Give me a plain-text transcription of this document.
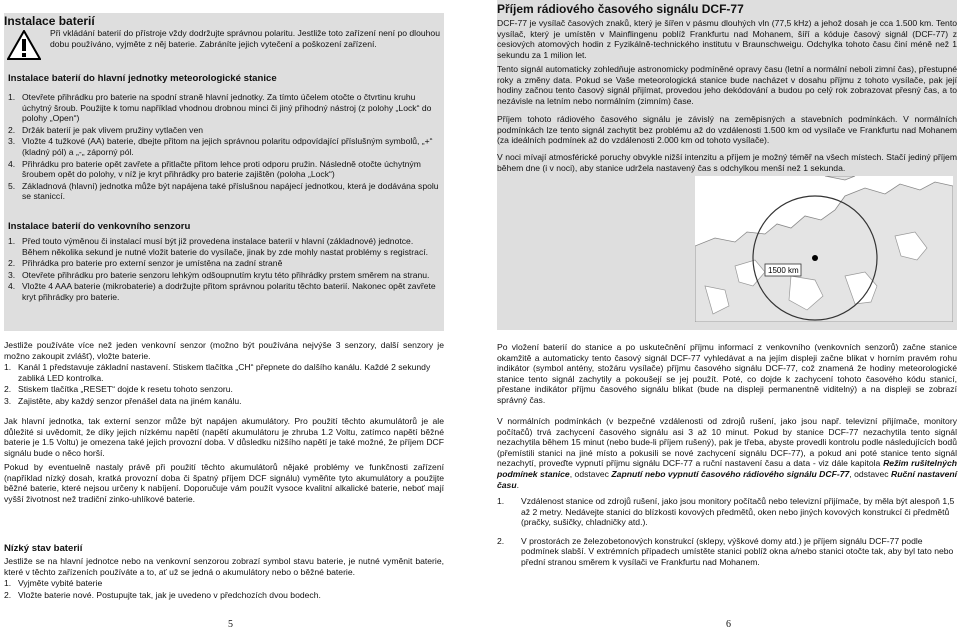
Instalace baterií

Při vkládání baterií do přístroje vždy dodržujte správnou polaritu. Jestliže toto zařízení není po dlouhou dobu používáno, vyjměte z něj baterie. Zabráníte jejich vytečení a poškození zařízení.

Instalace baterií do hlavní jednotky meteorologické stanice
1. Otevřete přihrádku pro baterie na spodní straně hlavní jednotky. Za tímto účelem otočte o čtvrtinu kruhu úchytný šroub. Použijte k tomu například vhodnou drobnou minci či jiný přihodný nástroj (z polohy „Lock“ do polohy „Open“)
2. Držák baterií je pak vlivem pružiny vytlačen ven
3. Vložte 4 tužkové (AA) baterie, dbejte přitom na jejich správnou polaritu odpovídající příslušným symbolů, „+“ (kladný pól) a „-„ záporný pól.
4. Přihrádku pro baterie opět zavřete a přitlačte přitom lehce proti odporu pružin. Následně otočte úchytným šroubem opět do polohy, v níž je kryt přihrádky pro baterie zajištěn (poloha „Lock“)
5. Základnová (hlavní) jednotka může být napájena také příslušnou napájecí jednotkou, která je dodávána spolu se staniccí.
Instalace baterií do venkovního senzoru
1. Před touto výměnou či instalací musí být již provedena instalace baterií v hlavní (základnové) jednotce. Během několika sekund je nutné vložit baterie do vysílače, jinak by zde mohly nastat problémy s registrací.
2. Přihrádka pro baterie pro externí senzor je umístěna na zadní straně
3. Otevřete přihrádku pro baterie senzoru lehkým odšoupnutím krytu této přihrádky prstem směrem na stranu.
4. Vložte 4 AAA baterie (mikrobaterie) a dodržujte přitom správnou polaritu těchto baterií. Nakonec opět zavřete kryt přihrádky pro baterie.

Jestliže používáte více než jeden venkovní senzor (možno být používána nejvýše 3 senzory, další senzory je možno zakoupit zvlášť), vložte baterie.

1. Kanál 1 představuje základní nastavení. Stiskem tlačítka „CH“ přepnete do dalšího kanálu. Každé 2 sekundy zabliká LED kontrolka.
2. Stiskem tlačítka „RESET“ dojde k resetu tohoto senzoru.
3. Zajistěte, aby každý senzor přenášel data na jiném kanálu.

Jak hlavní jednotka, tak externí senzor může být napájen akumulátory. Pro použití těchto akumulátorů je ale důležité si uvědomit, že díky jejich nízkému napětí (napětí akumulátoru je zhruba 1.2 Voltu, zatímco napětí běžné baterie je 1.5 Voltu) je omezena také jejich provozní doba. V důsledku nižšího napětí je také možné, že příjem DCF signálu bude o něco horší.

Pokud by eventuelně nastaly právě při použití těchto akumulátorů nějaké problémy ve funkčnosti zařízení (například nízký dosah, kratká provozní doba či špatný příjem DCF signálu) vyměňte tyto akumulátory a použijte běžné baterie, které nejsou určeny k nabíjení. Doporučuje vám použít vysoce kvalitní alkalické baterie, neboť mají vyšší životnost než tradiční zinko-uhlíkové baterie.

Nízký stav baterií

Jestliže se na hlavní jednotce nebo na venkovní senzorou zobrazí symbol stavu baterie, je nutné vyměnit baterie, které v těchto zařízeních používáte a to, ať už se jedná o akumulátory nebo o běžné baterie.

1. Vyjměte vybité baterie
2. Vložte baterie nové. Postupujte tak, jak je uvedeno v předchozích dvou bodech.
5
Příjem rádiového časového signálu DCF-77

DCF-77 je vysílač časových znaků, který je šířen v pásmu dlouhých vln (77,5 kHz) a jehož dosah je cca 1.500 km. Tento vysílač, který je umístěn v Mainflingenu poblíž Frankfurtu nad Mohanem, šíří a kóduje časový signál (DCF-77) z cesiových atomových hodin z Fyzikálně-technického institutu v Braunschweigu. Odchylka tohoto času činí méně než 1 sekundu za 1 milion let.

Tento signál automaticky zohledňuje astronomicky podmíněné opravy času (letní a normální neboli zimní čas), přestupné roky a změny data. Pokud se Vaše meteorologická stanice bude nacházet v dosahu příjmu z tohoto vysílače, pak její hodiny začnou tento časový signál přijímat, provedou jeho dekódování a budou po celý rok zobrazovat přesný čas, a to nezávisle na letním nebo normálním (zimním) čase.

Příjem tohoto rádiového časového signálu je závislý na zeměpisných a stavebních podmínkách. V normálních podmínkách lze tento signál zachytit bez problému až do vzdálenosti 1.500 km od vysílače ve Frankfurtu nad Mohanem (za ideálních podmínek až do vzdálenosti 2.000 km od tohoto vysílače).

V noci mívají atmosférické poruchy obvykle nižší intenzitu a příjem je možný téměř na všech místech. Stačí jediný příjem během dne (i v noci), aby stanice udržela nastavený čas s odchylkou menší než 1 sekunda.

1500 km

Po vložení baterií do stanice a po uskutečnění příjmu informací z venkovního (venkovních senzorů) začne stanice okamžitě a automaticky tento časový signál DCF-77 vyhledávat a na jejím displeji začne blikat v horním pravém rohu indikátor (symbol antény, stožáru vysílače) příjmu časového signálu DCF-77, což znamená že hodiny meteorologické stanice tento signál zachytily a pokoušejí se jej použít. Poté, co dojde k zachycení tohoto časového kódu stanicí, přestane indikátor příjmu časového signálu blikat (bude na displeji permanentně viditelný) a na displeji se zobrazí správný čas.

V normálních podmínkách (v bezpečné vzdálenosti od zdrojů rušení, jako jsou např. televizní přijímače, monitory počítačů) trvá zachycení časového signálu asi 3 až 10 minut. Pokud by stanice DCF-77 nezachytila tento signál nezachytila během 15 minut (nebo bude-li příjem rušený), pak je třeba, abyste provedli kontrolu podle následujících bodů (přemístili stanici na jiné místo a pokusili se nové zachycení signálu DCF-77), a pokud ani poté stanice tento signál nezachytí, proveďte vypnutí příjmu signálu DCF-77 a ruční nastavení času a data - viz dále kapitola Režim rušitelných podmínek stanice, odstavec Zapnutí nebo vypnutí časového rádiového signálu DCF-77, odstavec Ruční nastavení času.

1. Vzdálenost stanice od zdrojů rušení, jako jsou monitory počítačů nebo televizní přijímače, by měla být alespoň 1,5 až 2 metry. Nedávejte stanici do blízkosti kovových předmětů, oken nebo jiných kovových konstrukcí či předmětů (pračky, sušičky, chladničky atd.).
2. V prostorách ze železobetonových konstrukcí (sklepy, výškové domy atd.) je příjem signálu DCF-77 podle podmínek slabší. V extrémních případech umístěte stanici poblíž okna a/nebo stanici otočte tak, aby byl tato nebo přední stranou směrem k vysílači ve Frankfurtu nad Mohanem.
6
